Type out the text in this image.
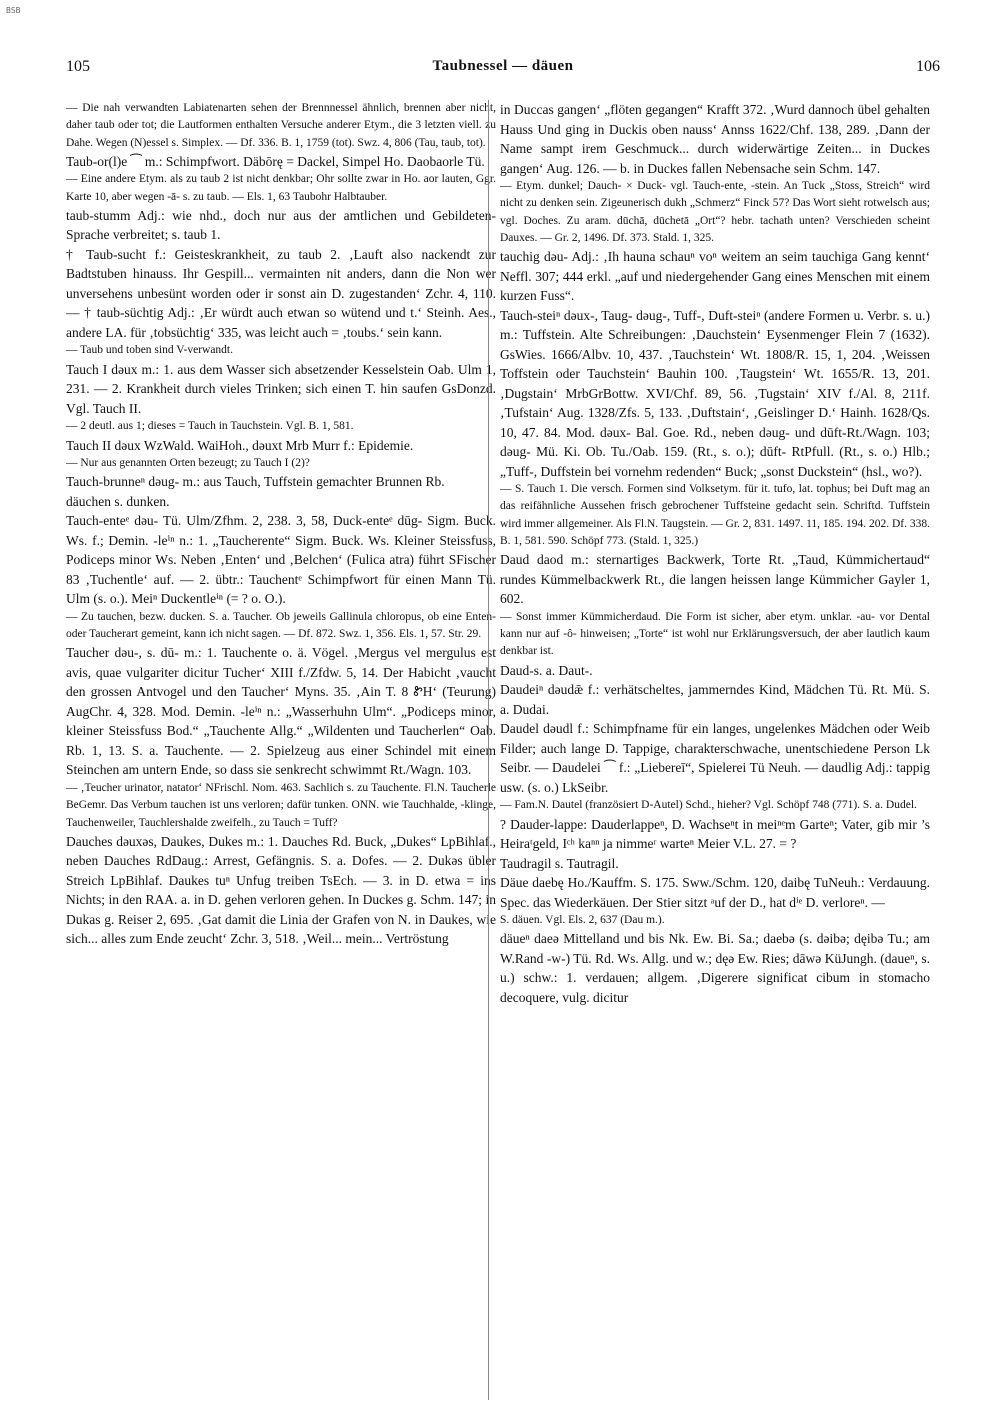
BSB
105	Taubnessel — däuen	106

— Die nah verwandten Labiatenarten sehen der Brennnessel ähnlich, brennen aber nicht, daher taub oder tot; die Lautformen enthalten Versuche anderer Etym., die 3 letzten viell. zu Dahe. Wegen (N)essel s. Simplex. — Df. 336. B. 1, 1759 (tot). Swz. 4, 806 (Tau, taub, tot).

Taub-or(l)e ⁀ m.: Schimpfwort. Däbōrę = Dackel, Simpel Ho. Daobaorle Tü.

— Eine andere Etym. als zu taub 2 ist nicht denkbar; Ohr sollte zwar in Ho. aor lauten, Ggr. Karte 10, aber wegen -ā- s. zu taub. — Els. 1, 63 Taubohr Halbtauber.

taub-stumm Adj.: wie nhd., doch nur aus der amtlichen und Gebildeten-Sprache verbreitet; s. taub 1.

† Taub-sucht f.: Geisteskrankheit, zu taub 2. ‚Lauft also nackendt zur Badtstuben hinauss. Ihr Gespill... vermainten nit anders, dann die Non wer unversehens unbesünt worden oder ir sonst ain D. zugestanden‘ Zchr. 4, 110. — † taub-süchtig Adj.: ‚Er würdt auch etwan so wütend und t.‘ Steinh. Aes., andere LA. für ‚tobsüchtig‘ 335, was leicht auch = ‚toubs.‘ sein kann.

— Taub und toben sind V-verwandt.

Tauch I dəux m.: 1. aus dem Wasser sich absetzender Kesselstein Oab. Ulm 1, 231. — 2. Krankheit durch vieles Trinken; sich einen T. hin saufen GsDonzd. Vgl. Tauch II.

— 2 deutl. aus 1; dieses = Tauch in Tauchstein. Vgl. B. 1, 581.

Tauch II dəux WzWald. WaiHoh., dəuxt Mrb Murr f.: Epidemie.

— Nur aus genannten Orten bezeugt; zu Tauch I (2)?

Tauch-brunneⁿ dəug- m.: aus Tauch, Tuffstein gemachter Brunnen Rb.

däuchen s. dunken.

Tauch-enteᵉ dəu- Tü. Ulm/Zfhm. 2, 238. 3, 58, Duck-enteᵉ dūg- Sigm. Buck. Ws. f.; Demin. -leⁱⁿ n.: 1. „Taucherente“ Sigm. Buck. Ws. Kleiner Steissfuss, Podiceps minor Ws. Neben ‚Enten‘ und ‚Belchen‘ (Fulica atra) führt SFischer 83 ‚Tuchentle‘ auf. — 2. übtr.: Tauchentᵉ Schimpfwort für einen Mann Tü. Ulm (s. o.). Meiⁿ Duckentleⁱⁿ (= ? o. O.).

— Zu tauchen, bezw. ducken. S. a. Taucher. Ob jeweils Gallinula chloropus, ob eine Enten- oder Taucherart gemeint, kann ich nicht sagen. — Df. 872. Swz. 1, 356. Els. 1, 57. Str. 29.

Taucher dəu-, s. dū- m.: 1. Tauchente o. ä. Vögel. ‚Mergus vel mergulus est avis, quae vulgariter dicitur Tucher‘ XIII f./Zfdw. 5, 14. Der Habicht ‚vaucht den grossen Antvogel und den Taucher‘ Myns. 35. ‚Ain T. 8 ᏑH‘ (Teurung) AugChr. 4, 328. Mod. Demin. -leⁱⁿ n.: „Wasserhuhn Ulm“. „Podiceps minor, kleiner Steissfuss Bod.“ „Tauchente Allg.“ „Wildenten und Taucherlen“ Oab. Rb. 1, 13. S. a. Tauchente. — 2. Spielzeug aus einer Schindel mit einem Steinchen am untern Ende, so dass sie senkrecht schwimmt Rt./Wagn. 103.

— ‚Teucher urinator, natator‘ NFrischl. Nom. 463. Sachlich s. zu Tauchente. Fl.N. Taucherle BeGemr. Das Verbum tauchen ist uns verloren; dafür tunken. ONN. wie Tauchhalde, -klinge, Tauchenweiler, Tauchlershalde zweifelh., zu Tauch = Tuff?

Dauches dəuxəs, Daukes, Dukes m.: 1. Dauches Rd. Buck, „Dukes“ LpBihlaf., neben Dauches RdDaug.: Arrest, Gefängnis. S. a. Dofes. — 2. Dukəs übler Streich LpBihlaf. Daukes tuⁿ Unfug treiben TsEch. — 3. in D. etwa = ins Nichts; in den RAA. a. in D. gehen verloren gehen. In Duckes g. Schm. 147; in Dukas g. Reiser 2, 695. ‚Gat damit die Linia der Grafen von N. in Daukes, wie sich... alles zum Ende zeucht‘ Zchr. 3, 518. ‚Weil... mein... Vertröstung

in Duccas gangen‘ „flöten gegangen“ Krafft 372. ‚Wurd dannoch übel gehalten Hauss Und ging in Duckis oben nauss‘ Annss 1622/Chf. 138, 289. ‚Dann der Name sampt irem Geschmuck... durch widerwärtige Zeiten... in Duckes gangen‘ Aug. 126. — b. in Duckes fallen Nebensache sein Schm. 147.

— Etym. dunkel; Dauch- × Duck- vgl. Tauch-ente, -stein. An Tuck „Stoss, Streich“ wird nicht zu denken sein. Zigeunerisch dukh „Schmerz“ Finck 57? Das Wort sieht rotwelsch aus; vgl. Doches. Zu aram. dūchā, dūchetā „Ort“? hebr. tachath unten? Verschieden scheint Dauxes. — Gr. 2, 1496. Df. 373. Stald. 1, 325.

tauchig dəu- Adj.: ‚Ih hauna schauⁿ voⁿ weitem an seim tauchiga Gang kennt‘ Neffl. 307; 444 erkl. „auf und niedergehender Gang eines Menschen mit einem kurzen Fuss“.

Tauch-steiⁿ dəux-, Taug- dəug-, Tuff-, Duft-steiⁿ (andere Formen u. Verbr. s. u.) m.: Tuffstein. Alte Schreibungen: ‚Dauchstein‘ Eysenmenger Flein 7 (1632). GsWies. 1666/Albv. 10, 437. ‚Tauchstein‘ Wt. 1808/R. 15, 1, 204. ‚Weissen Toffstein oder Tauchstein‘ Bauhin 100. ‚Taugstein‘ Wt. 1655/R. 13, 201. ‚Dugstain‘ MrbGrBottw. XVI/Chf. 89, 56. ‚Tugstain‘ XIV f./Al. 8, 211f. ‚Tufstain‘ Aug. 1328/Zfs. 5, 133. ‚Duftstain‘, ‚Geislinger D.‘ Hainh. 1628/Qs. 10, 47. 84. Mod. dəux- Bal. Goe. Rd., neben dəug- und dūft-Rt./Wagn. 103; dəug- Mü. Ki. Ob. Tu./Oab. 159. (Rt., s. o.); dūft- RtPfull. (Rt., s. o.) Hlb.; „Tuff-, Duffstein bei vornehm redenden“ Buck; „sonst Duckstein“ (hsl., wo?).

— S. Tauch 1. Die versch. Formen sind Volksetym. für it. tufo, lat. tophus; bei Duft mag an das reifähnliche Aussehen frisch gebrochener Tuffsteine gedacht sein. Schriftd. Tuffstein wird immer allgemeiner. Als Fl.N. Taugstein. — Gr. 2, 831. 1497. 11, 185. 194. 202. Df. 338. B. 1, 581. 590. Schöpf 773. (Stald. 1, 325.)

Daud daod m.: sternartiges Backwerk, Torte Rt. „Taud, Kümmichertaud“ rundes Kümmelbackwerk Rt., die langen heissen lange Kümmicher Gayler 1, 602.

— Sonst immer Kümmicherdaud. Die Form ist sicher, aber etym. unklar. -au- vor Dental kann nur auf -ô- hinweisen; „Torte“ ist wohl nur Erklärungsversuch, der aber lautlich kaum denkbar ist.

Daud-s. a. Daut-.

Daudeiⁿ dəudǣ f.: verhätscheltes, jammerndes Kind, Mädchen Tü. Rt. Mü. S. a. Dudai.

Daudel dəudl f.: Schimpfname für ein langes, ungelenkes Mädchen oder Weib Filder; auch lange D. Tappige, charakterschwache, unentschiedene Person Lk Seibr. — Daudelei ⁀ f.: „Liebereī“, Spielerei Tü Neuh. — daudlig Adj.: tappig usw. (s. o.) LkSeibr.

— Fam.N. Dautel (französiert D-Autel) Schd., hieher? Vgl. Schöpf 748 (771). S. a. Dudel.

? Dauder-lappe: Dauderlappeⁿ, D. Wachseⁿt in meiⁿᵉm Garteⁿ; Vater, gib mir ’s Heiraᵗgeld, Iᶜʰ kaⁿⁿ ja nimmeʳ warteⁿ Meier V.L. 27. = ?

Taudragil s. Tautragil.

Däue daebę Ho./Kauffm. S. 175. Sww./Schm. 120, daibę TuNeuh.: Verdauung. Spec. das Wiederkäuen. Der Stier sitzt ᵃuf der D., hat dⁱᵉ D. verloreⁿ. —

S. däuen. Vgl. Els. 2, 637 (Dau m.).

däueⁿ daeə Mittelland und bis Nk. Ew. Bi. Sa.; daebə (s. dəibə; dęibə Tu.; am W.Rand -w-) Tü. Rd. Ws. Allg. und w.; dęə Ew. Ries; dāwə KüJungh. (daueⁿ, s. u.) schw.: 1. verdauen; allgem. ‚Digerere significat cibum in stomacho decoquere, vulg. dicitur
